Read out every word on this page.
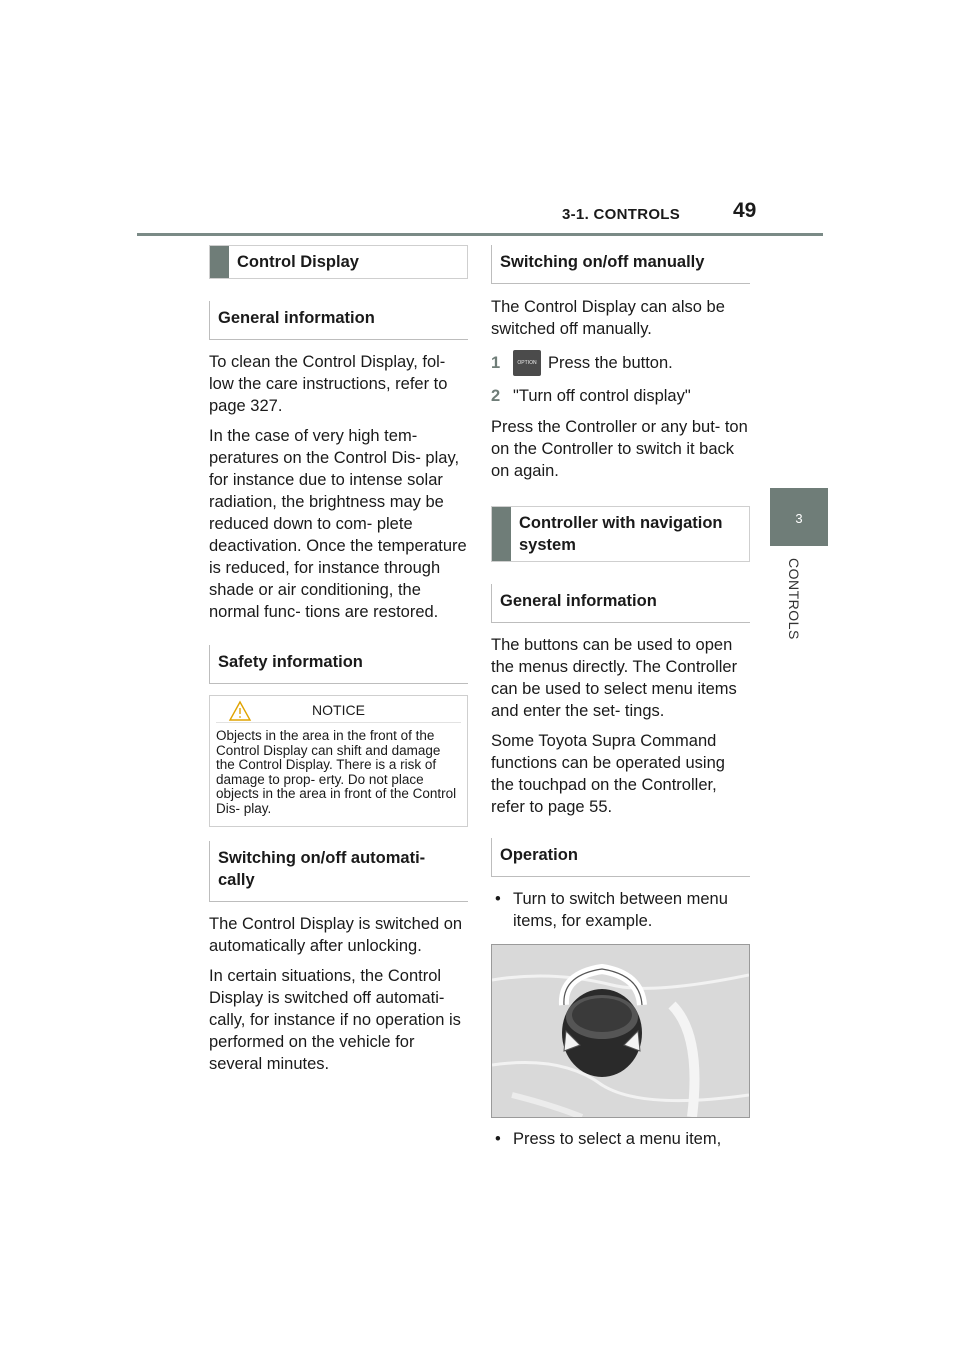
3-1. CONTROLS	49
3
CONTROLS
Control Display
General information

To clean the Control Display, fol- low the care instructions, refer to page 327.

In the case of very high tem- peratures on the Control Dis- play, for instance due to intense solar radiation, the brightness may be reduced down to com- plete deactivation. Once the temperature is reduced, for instance through shade or air conditioning, the normal func- tions are restored.

Safety information
NOTICE
Objects in the area in the front of the Control Display can shift and damage the Control Display. There is a risk of damage to prop- erty. Do not place objects in the area in front of the Control Dis- play.
Switching on/off automati- cally

The Control Display is switched on automatically after unlocking.

In certain situations, the Control Display is switched off automati- cally, for instance if no operation is performed on the vehicle for several minutes.

Switching on/off manually

The Control Display can also be switched off manually.

1	OPTION Press the button.
2 "Turn off control display"

Press the Controller or any but- ton on the Controller to switch it back on again.

Controller with navigation system
General information

The buttons can be used to open the menus directly. The Controller can be used to select menu items and enter the set- tings.

Some Toyota Supra Command functions can be operated using the touchpad on the Controller, refer to page 55.

Operation
• Turn to switch between menu items, for example.
• Press to select a menu item,
